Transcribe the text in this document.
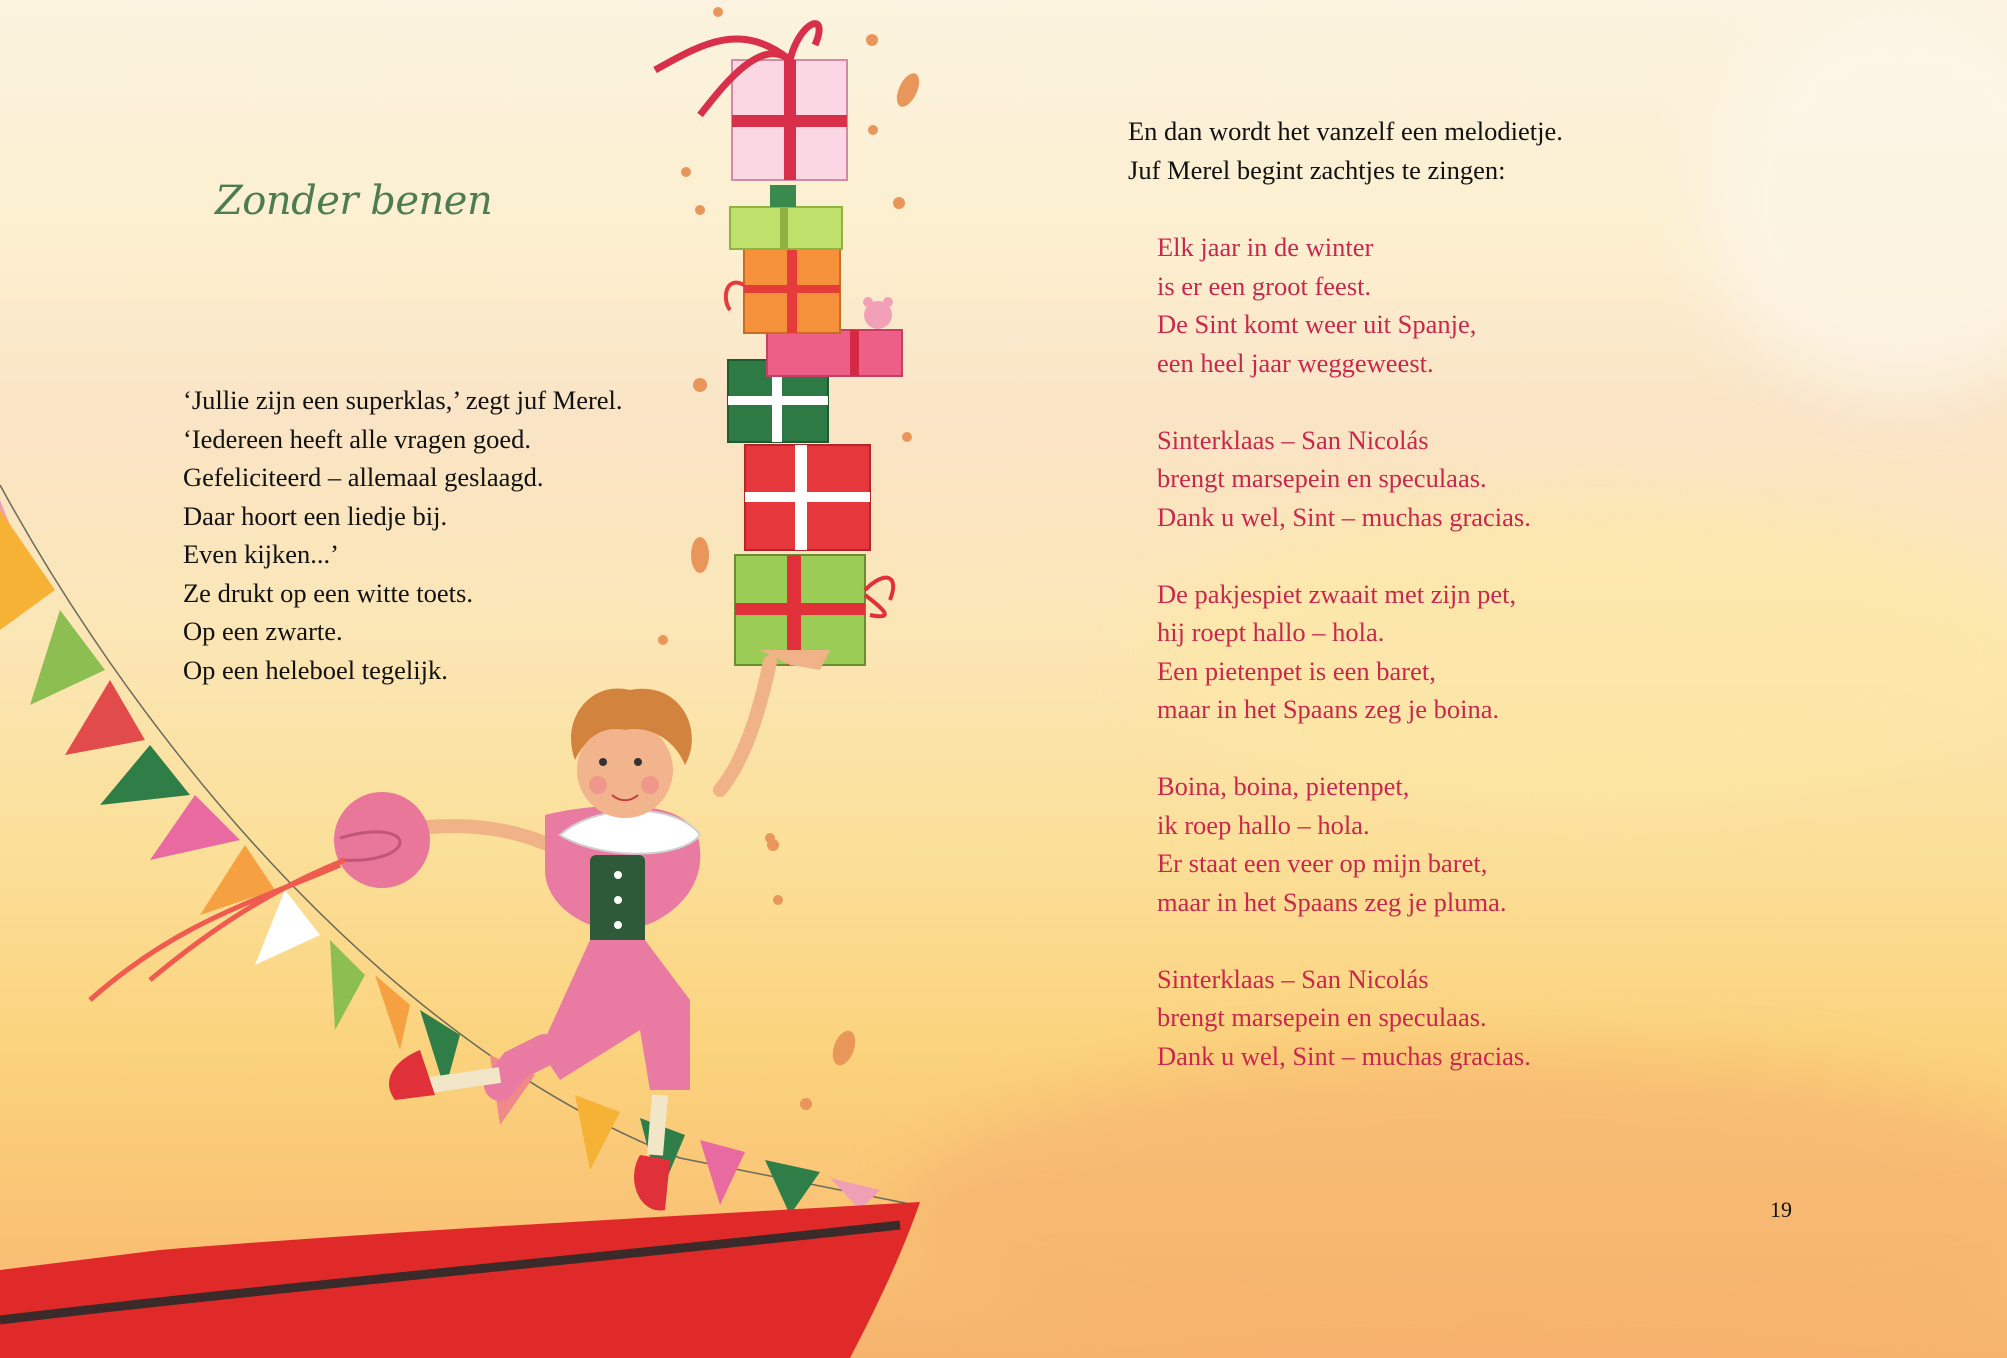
Zonder benen
‘Jullie zijn een superklas,’ zegt juf Merel.
‘Iedereen heeft alle vragen goed.
Gefeliciteerd – allemaal geslaagd.
Daar hoort een liedje bij.
Even kijken...’
Ze drukt op een witte toets.
Op een zwarte.
Op een heleboel tegelijk.
En dan wordt het vanzelf een melodietje.
Juf Merel begint zachtjes te zingen:
Elk jaar in de winter
is er een groot feest.
De Sint komt weer uit Spanje,
een heel jaar weggeweest.
Sinterklaas – San Nicolás
brengt marsepein en speculaas.
Dank u wel, Sint – muchas gracias.
De pakjespiet zwaait met zijn pet,
hij roept hallo – hola.
Een pietenpet is een baret,
maar in het Spaans zeg je boina.
Boina, boina, pietenpet,
ik roep hallo – hola.
Er staat een veer op mijn baret,
maar in het Spaans zeg je pluma.
Sinterklaas – San Nicolás
brengt marsepein en speculaas.
Dank u wel, Sint – muchas gracias.
19
